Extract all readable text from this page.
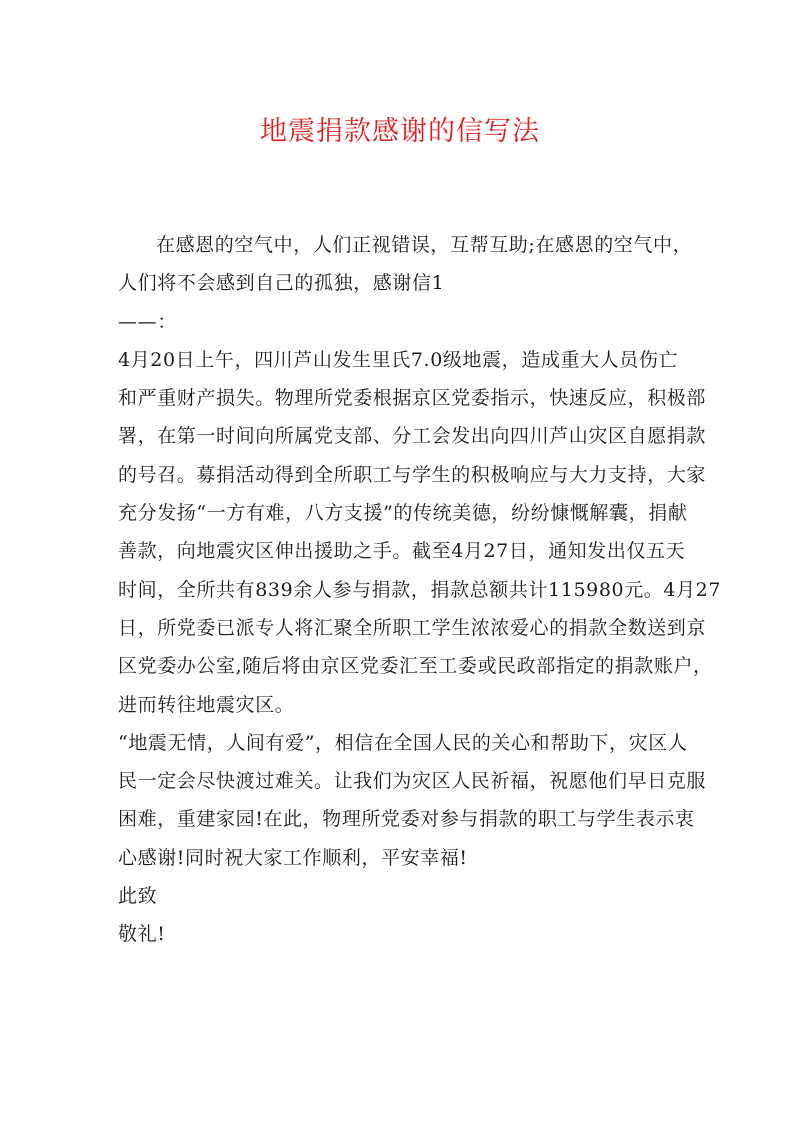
地震捐款感谢的信写法
在感恩的空气中，人们正视错误，互帮互助;在感恩的空气中，
人们将不会感到自己的孤独，感谢信1
——：
4月20日上午，四川芦山发生里氏7.0级地震，造成重大人员伤亡
和严重财产损失。物理所党委根据京区党委指示，快速反应，积极部
署，在第一时间向所属党支部、分工会发出向四川芦山灾区自愿捐款
的号召。募捐活动得到全所职工与学生的积极响应与大力支持，大家
充分发扬“一方有难，八方支援”的传统美德，纷纷慷慨解囊，捐献
善款，向地震灾区伸出援助之手。截至4月27日，通知发出仅五天
时间，全所共有839余人参与捐款，捐款总额共计115980元。4月27
日，所党委已派专人将汇聚全所职工学生浓浓爱心的捐款全数送到京
区党委办公室,随后将由京区党委汇至工委或民政部指定的捐款账户，
进而转往地震灾区。
“地震无情，人间有爱”，相信在全国人民的关心和帮助下，灾区人
民一定会尽快渡过难关。让我们为灾区人民祈福，祝愿他们早日克服
困难，重建家园!在此，物理所党委对参与捐款的职工与学生表示衷
心感谢!同时祝大家工作顺利，平安幸福!
此致
敬礼!
